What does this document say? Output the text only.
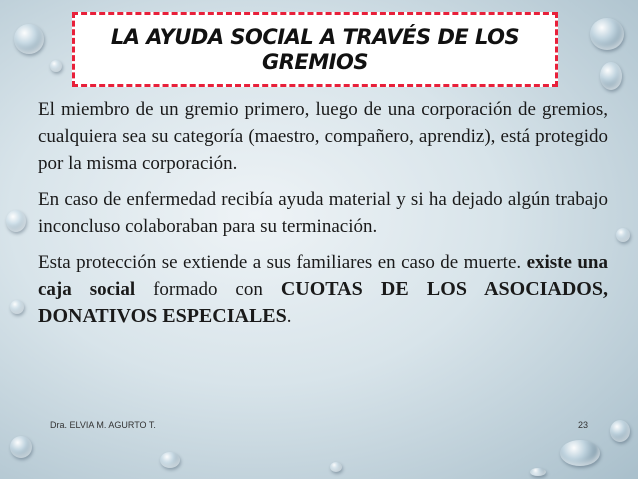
LA AYUDA SOCIAL A TRAVÉS DE LOS GREMIOS

El miembro de un gremio primero, luego de una corporación de gremios, cualquiera sea su categoría (maestro, compañero, aprendiz), está protegido por la misma corporación.

En caso de enfermedad recibía ayuda material y si ha dejado algún trabajo inconcluso colaboraban para su terminación.

Esta protección se extiende a sus familiares en caso de muerte. existe una caja social formado con CUOTAS DE LOS ASOCIADOS, DONATIVOS ESPECIALES.

Dra. ELVIA M. AGURTO T.	23
